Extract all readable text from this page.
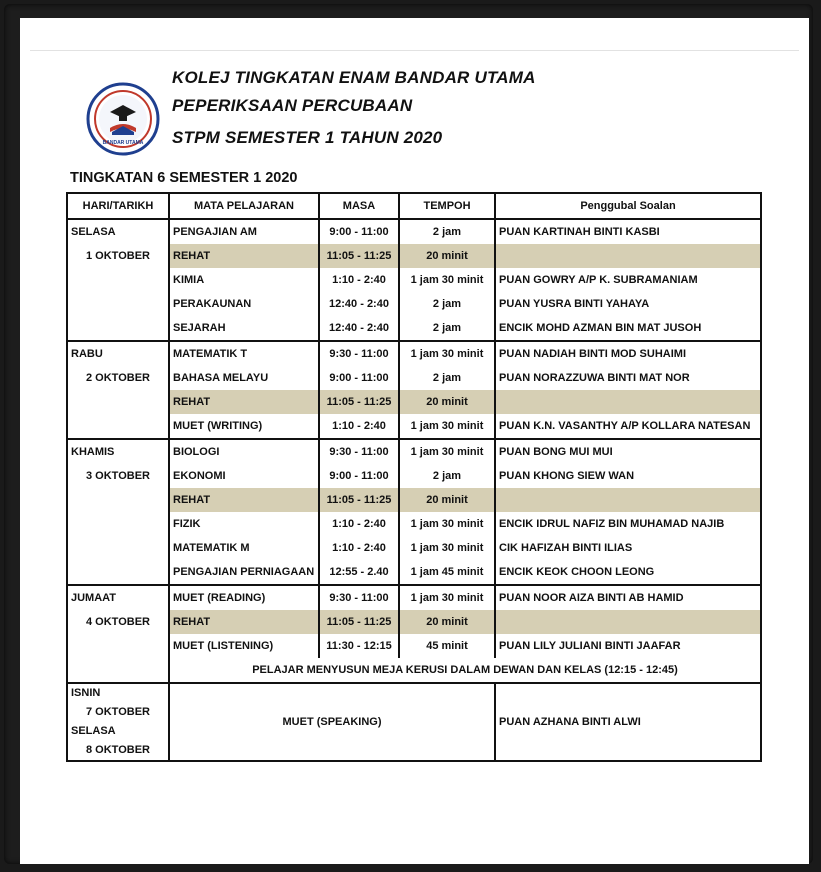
BANDAR UTAMA
KOLEJ TINGKATAN ENAM BANDAR UTAMA
PEPERIKSAAN PERCUBAAN
STPM SEMESTER 1 TAHUN 2020
TINGKATAN 6 SEMESTER 1 2020
HARI/TARIKH	MATA PELAJARAN	MASA	TEMPOH	Penggubal Soalan
SELASA	PENGAJIAN AM	9:00 - 11:00	2 jam	PUAN KARTINAH BINTI KASBI
1 OKTOBER	REHAT	11:05 - 11:25	20 minit	
	KIMIA	1:10 - 2:40	1 jam 30 minit	PUAN GOWRY A/P K. SUBRAMANIAM
	PERAKAUNAN	12:40 - 2:40	2 jam	PUAN YUSRA BINTI YAHAYA
	SEJARAH	12:40 - 2:40	2 jam	ENCIK MOHD AZMAN BIN MAT JUSOH
RABU	MATEMATIK T	9:30 - 11:00	1 jam 30 minit	PUAN NADIAH BINTI MOD SUHAIMI
2 OKTOBER	BAHASA MELAYU	9:00 - 11:00	2 jam	PUAN NORAZZUWA BINTI MAT NOR
	REHAT	11:05 - 11:25	20 minit	
	MUET (WRITING)	1:10 - 2:40	1 jam 30 minit	PUAN K.N. VASANTHY A/P KOLLARA NATESAN
KHAMIS	BIOLOGI	9:30 - 11:00	1 jam 30 minit	PUAN BONG MUI MUI
3 OKTOBER	EKONOMI	9:00 - 11:00	2 jam	PUAN KHONG SIEW WAN
	REHAT	11:05 - 11:25	20 minit	
	FIZIK	1:10 - 2:40	1 jam 30 minit	ENCIK IDRUL NAFIZ BIN MUHAMAD NAJIB
	MATEMATIK M	1:10 - 2:40	1 jam 30 minit	CIK HAFIZAH BINTI ILIAS
	PENGAJIAN PERNIAGAAN	12:55 - 2.40	1 jam 45 minit	ENCIK KEOK CHOON LEONG
JUMAAT	MUET (READING)	9:30 - 11:00	1 jam 30 minit	PUAN NOOR AIZA BINTI AB HAMID
4 OKTOBER	REHAT	11:05 - 11:25	20 minit	
	MUET (LISTENING)	11:30 - 12:15	45 minit	PUAN LILY JULIANI BINTI JAAFAR
	PELAJAR MENYUSUN MEJA KERUSI DALAM DEWAN DAN KELAS (12:15 - 12:45)			

ISNIN
7 OKTOBER
SELASA
8 OKTOBER	MUET (SPEAKING)			PUAN AZHANA BINTI ALWI
